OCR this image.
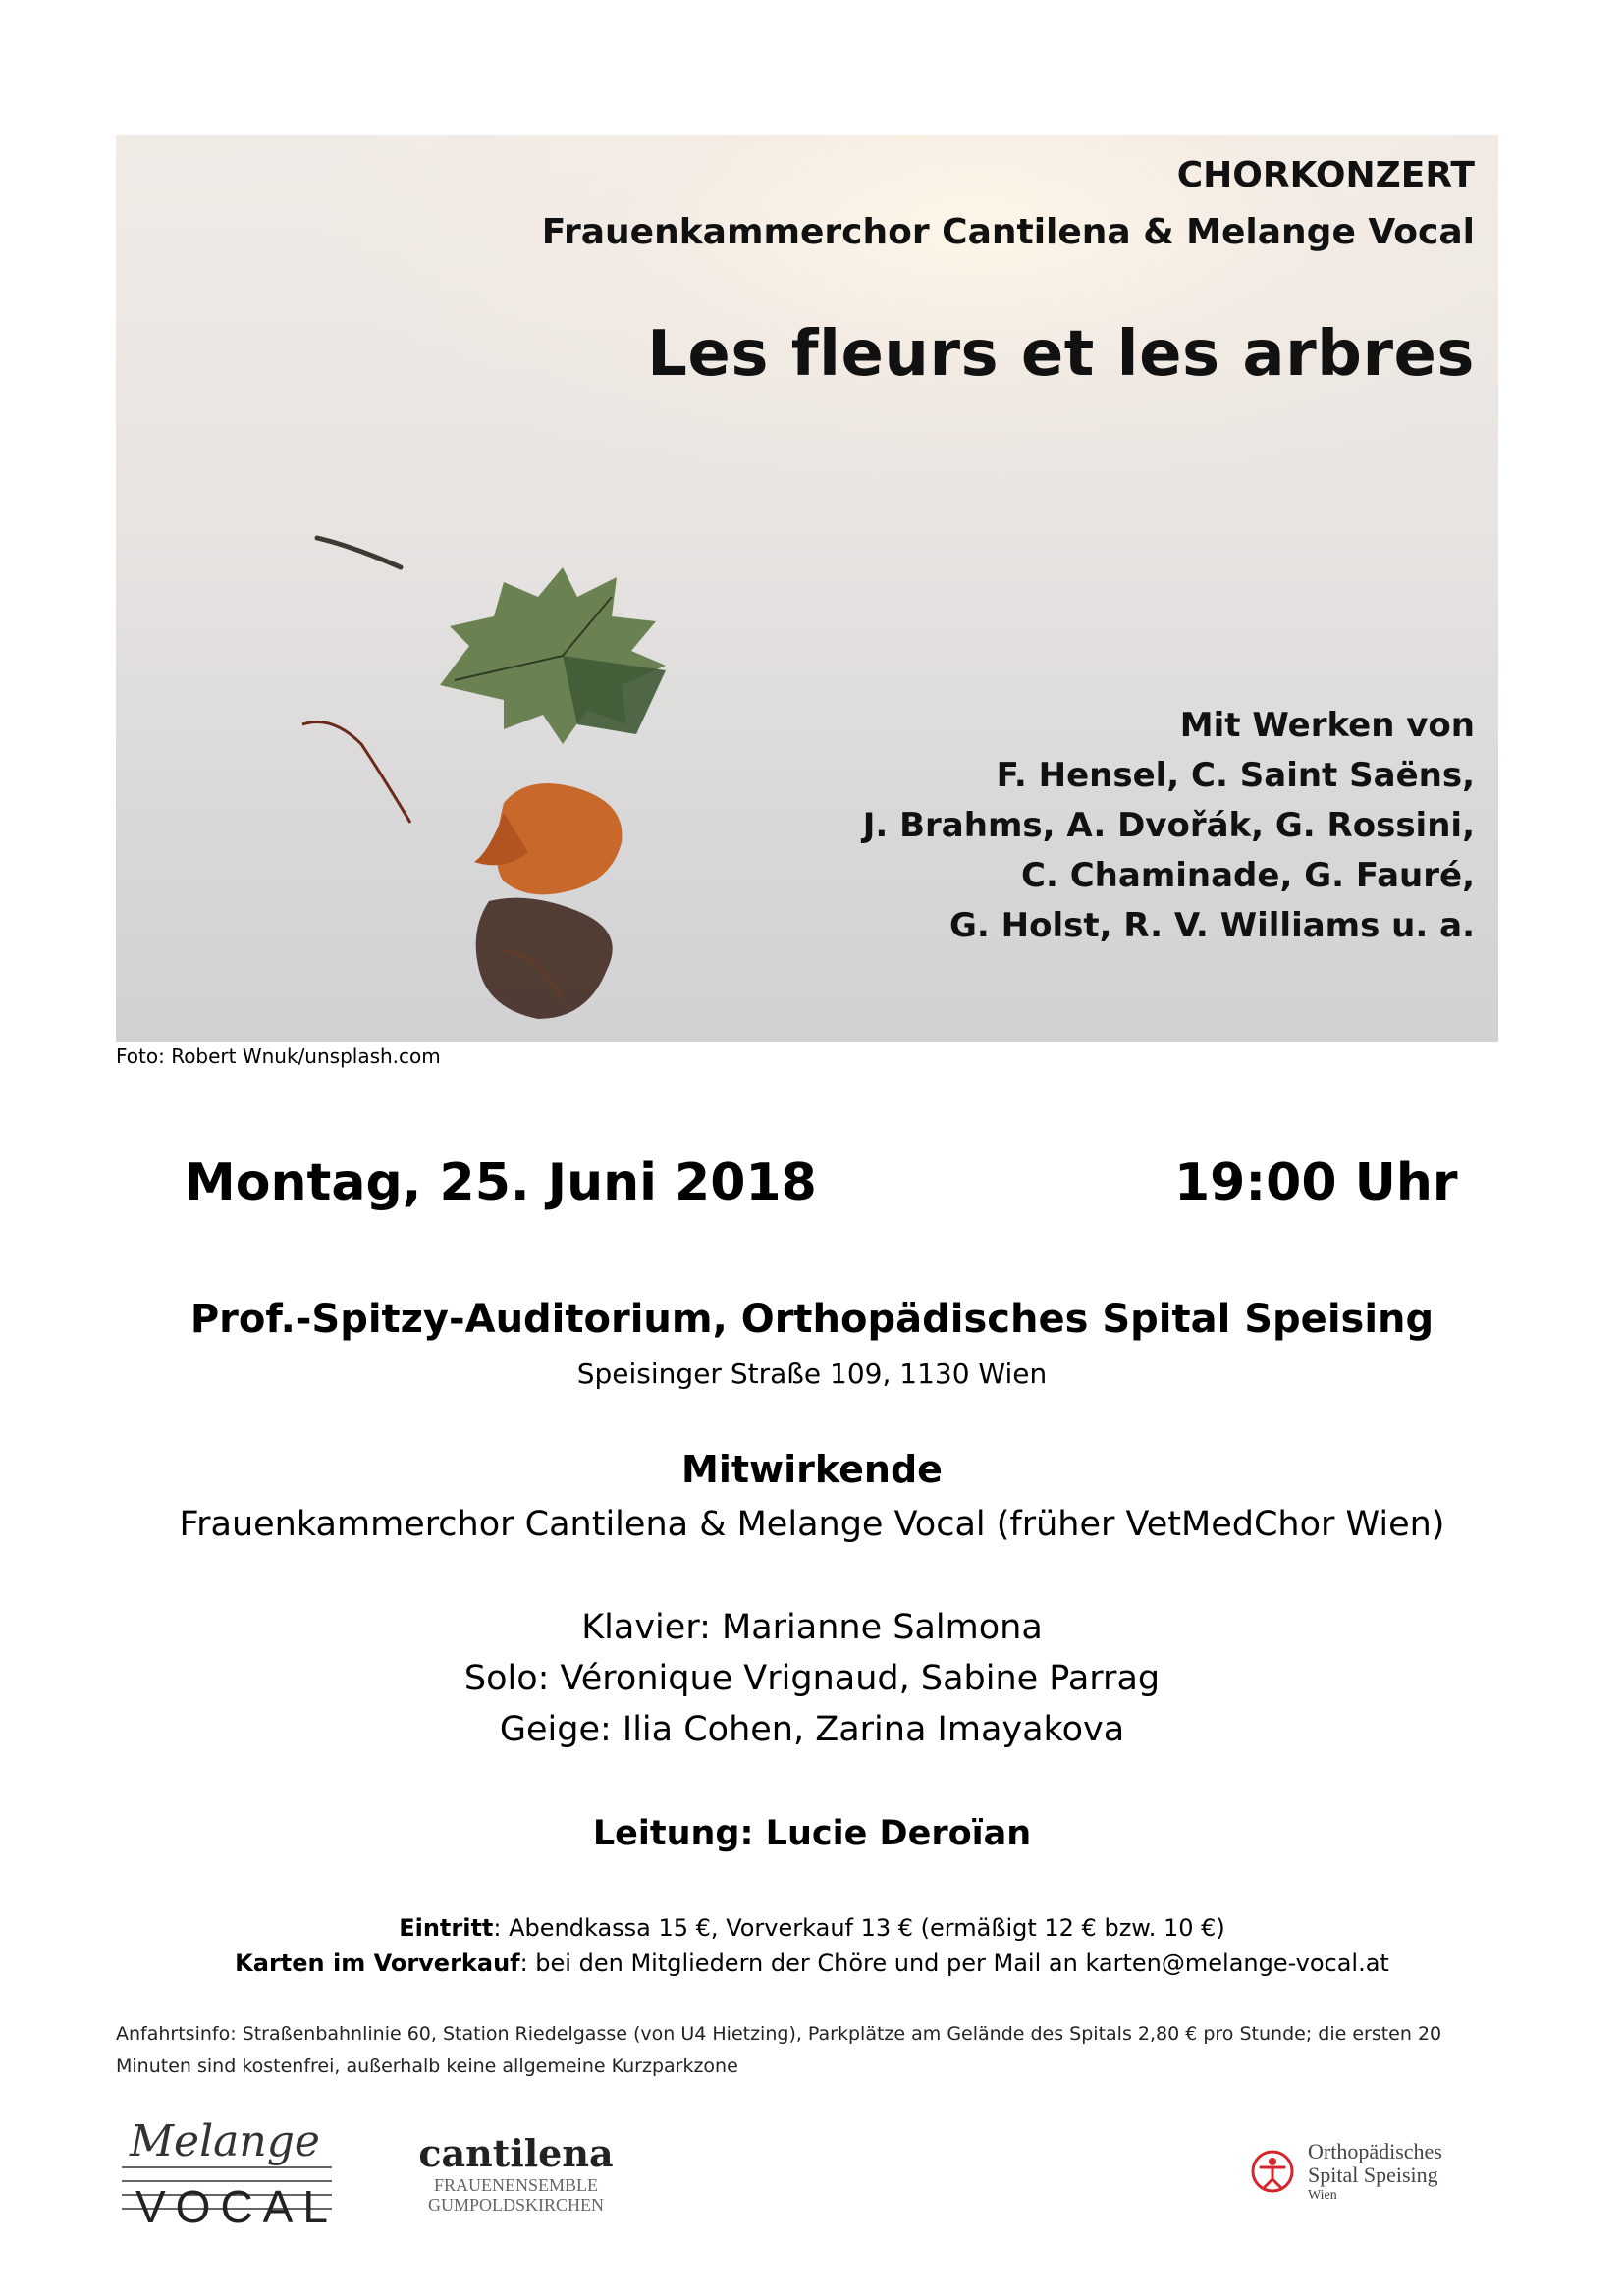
CHORKONZERT
Frauenkammerchor Cantilena & Melange Vocal
Les fleurs et les arbres
Mit Werken von
F. Hensel, C. Saint Saëns,
J. Brahms, A. Dvořák, G. Rossini,
C. Chaminade, G. Fauré,
G. Holst, R. V. Williams u. a.
Foto: Robert Wnuk/unsplash.com
Montag, 25. Juni 2018	19:00 Uhr
Prof.-Spitzy-Auditorium, Orthopädisches Spital Speising
Speisinger Straße 109, 1130 Wien
Mitwirkende
Frauenkammerchor Cantilena & Melange Vocal (früher VetMedChor Wien)
Klavier: Marianne Salmona
Solo: Véronique Vrignaud, Sabine Parrag
Geige: Ilia Cohen, Zarina Imayakova
Leitung: Lucie Deroïan
Eintritt: Abendkassa 15 €, Vorverkauf 13 € (ermäßigt 12 € bzw. 10 €)
Karten im Vorverkauf: bei den Mitgliedern der Chöre und per Mail an karten@melange-vocal.at
Anfahrtsinfo: Straßenbahnlinie 60, Station Riedelgasse (von U4 Hietzing), Parkplätze am Gelände des Spitals 2,80 € pro Stunde; die ersten 20 Minuten sind kostenfrei, außerhalb keine allgemeine Kurzparkzone
Melange
VOCAL
cantilena
FRAUENENSEMBLE
GUMPOLDSKIRCHEN
Orthopädisches
Spital Speising
Wien
